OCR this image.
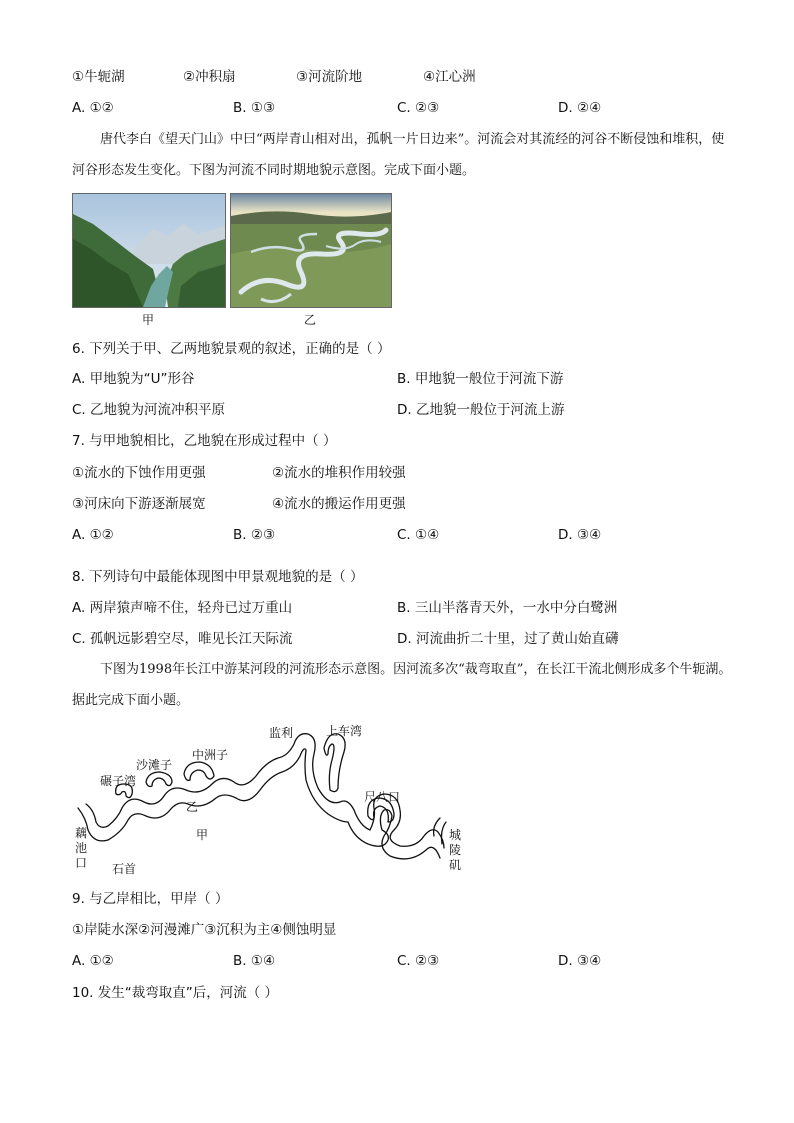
①牛轭湖	②冲积扇	③河流阶地	④江心洲
A. ①②	B. ①③	C. ②③	D. ②④
唐代李白《望天门山》中曰“两岸青山相对出，孤帆一片日边来”。河流会对其流经的河谷不断侵蚀和堆积，使河谷形态发生变化。下图为河流不同时期地貌示意图。完成下面小题。
甲	乙
6. 下列关于甲、乙两地貌景观的叙述，正确的是（ ）
A. 甲地貌为“U”形谷	B. 甲地貌一般位于河流下游
C. 乙地貌为河流冲积平原	D. 乙地貌一般位于河流上游
7. 与甲地貌相比，乙地貌在形成过程中（ ）
①流水的下蚀作用更强	②流水的堆积作用较强
③河床向下游逐渐展宽	④流水的搬运作用更强
A. ①②	B. ②③	C. ①④	D. ③④
8. 下列诗句中最能体现图中甲景观地貌的是（ ）
A. 两岸猿声啼不住，轻舟已过万重山	B. 三山半落青天外，一水中分白鹭洲
C. 孤帆远影碧空尽，唯见长江天际流	D. 河流曲折二十里，过了黄山始直礴
下图为1998年长江中游某河段的河流形态示意图。因河流多次“裁弯取直”，在长江干流北侧形成多个牛轭湖。据此完成下面小题。
监利	上车湾
中洲子
沙滩子
碾子湾
乙
甲
尺八口
藕池口 石首
城陵矶
9. 与乙岸相比，甲岸（ ）
①岸陡水深②河漫滩广③沉积为主④侧蚀明显
A. ①②	B. ①④	C. ②③	D. ③④
10. 发生“裁弯取直”后，河流（ ）
